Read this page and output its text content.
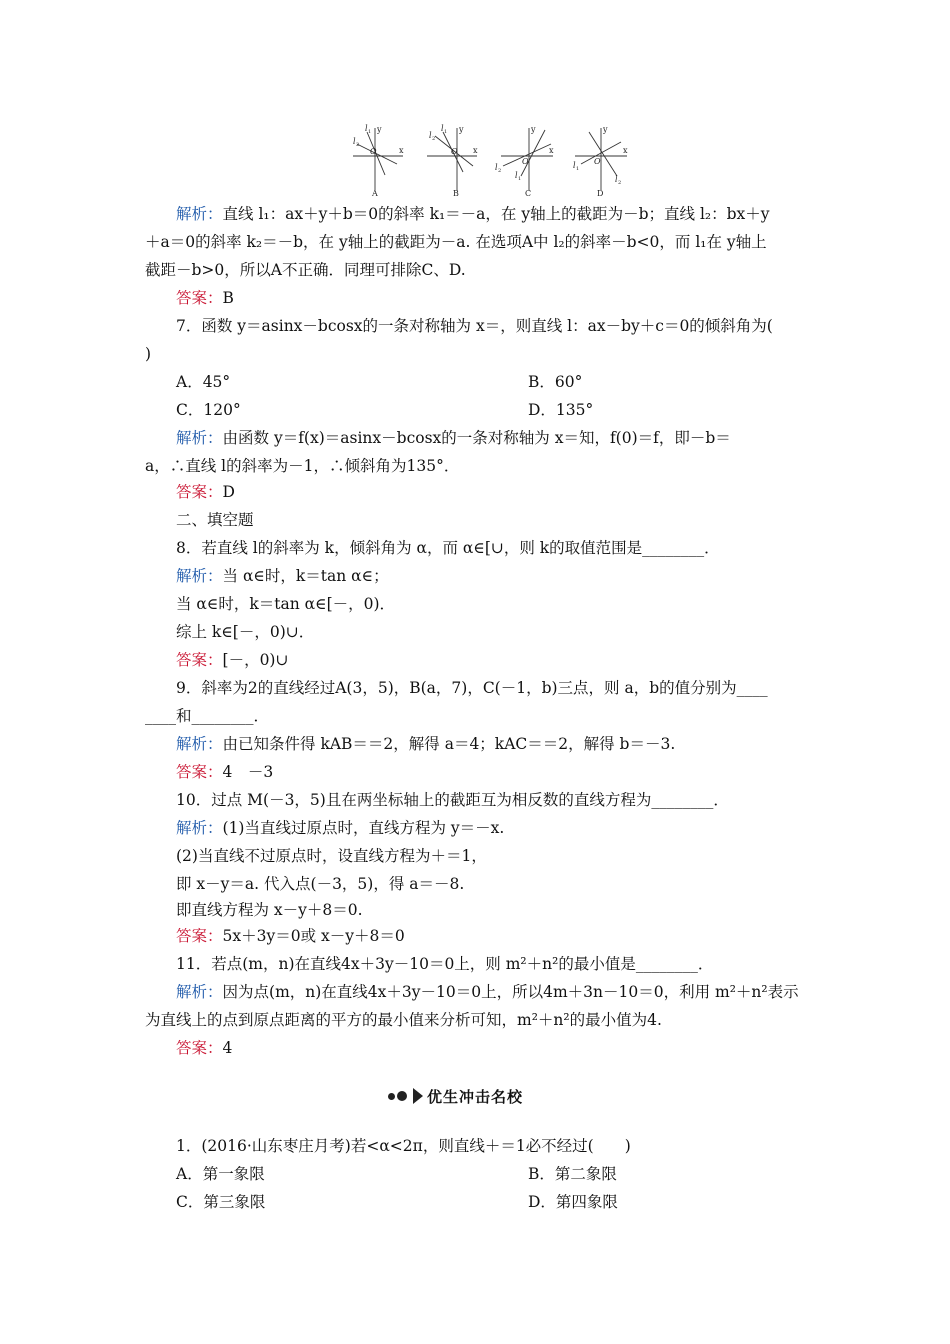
y
x
O
l 1
l 2
A
y
x
O
l 1
l 2
B
y
x
O
l 1
l 2
C
y
x
O
l 1
l 2
D
解析：直线 l₁：ax＋y＋b＝0的斜率 k₁＝－a，在 y轴上的截距为－b；直线 l₂：bx＋y
＋a＝0的斜率 k₂＝－b，在 y轴上的截距为－a. 在选项A中 l₂的斜率－b<0，而 l₁在 y轴上
截距－b>0，所以A不正确．同理可排除C、D.
答案：B
7．函数 y＝asinx－bcosx的一条对称轴为 x＝，则直线 l：ax－by＋c＝0的倾斜角为(
)
A．45°	B．60°
C．120°	D．135°
解析：由函数 y＝f(x)＝asinx－bcosx的一条对称轴为 x＝知，f(0)＝f，即－b＝
a，∴直线 l的斜率为－1，∴倾斜角为135°．
答案：D
二、填空题
8．若直线 l的斜率为 k，倾斜角为 α，而 α∈[∪，则 k的取值范围是________．
解析：当 α∈时，k＝tan α∈；
当 α∈时，k＝tan α∈[－，0)．
综上 k∈[－，0)∪．
答案：[－，0)∪
9．斜率为2的直线经过A(3，5)，B(a，7)，C(－1，b)三点，则 a，b的值分别为____
____和________．
解析：由已知条件得 kAB＝＝2，解得 a＝4；kAC＝＝2，解得 b＝－3.
答案：4　－3
10．过点 M(－3，5)且在两坐标轴上的截距互为相反数的直线方程为________．
解析：(1)当直线过原点时，直线方程为 y＝－x.
(2)当直线不过原点时，设直线方程为＋＝1，
即 x－y＝a. 代入点(－3，5)，得 a＝－8.
即直线方程为 x－y＋8＝0.
答案：5x＋3y＝0或 x－y＋8＝0
11．若点(m，n)在直线4x＋3y－10＝0上，则 m²＋n²的最小值是________．
解析：因为点(m，n)在直线4x＋3y－10＝0上，所以4m＋3n－10＝0，利用 m²＋n²表示
为直线上的点到原点距离的平方的最小值来分析可知，m²＋n²的最小值为4.
答案：4
优生冲击名校
1．(2016·山东枣庄月考)若<α<2π，则直线＋＝1必不经过(　　)
A．第一象限	B．第二象限
C．第三象限	D．第四象限
